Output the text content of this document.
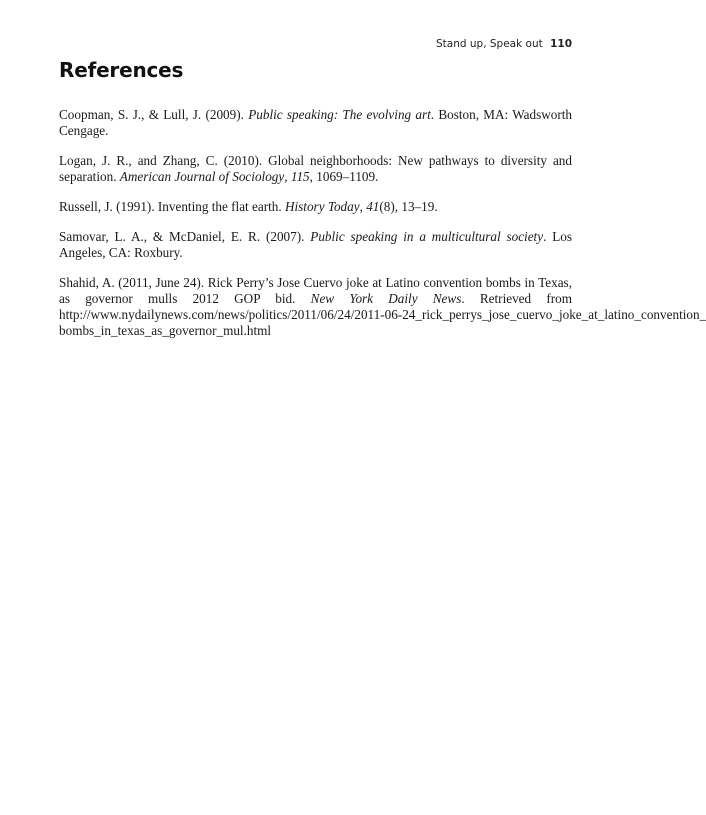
Stand up, Speak out 110
References
Coopman, S. J., & Lull, J. (2009). Public speaking: The evolving art. Boston, MA: Wadsworth Cengage.
Logan, J. R., and Zhang, C. (2010). Global neighborhoods: New pathways to diversity and separation. American Journal of Sociology, 115, 1069–1109.
Russell, J. (1991). Inventing the flat earth. History Today, 41(8), 13–19.
Samovar, L. A., & McDaniel, E. R. (2007). Public speaking in a multicultural society. Los Angeles, CA: Roxbury.
Shahid, A. (2011, June 24). Rick Perry’s Jose Cuervo joke at Latino convention bombs in Texas, as governor mulls 2012 GOP bid. New York Daily News. Retrieved from http://www.nydailynews.com/news/politics/2011/06/24/2011-06-24_rick_perrys_jose_cuervo_joke_at_latino_convention_
bombs_in_texas_as_governor_mul.html
